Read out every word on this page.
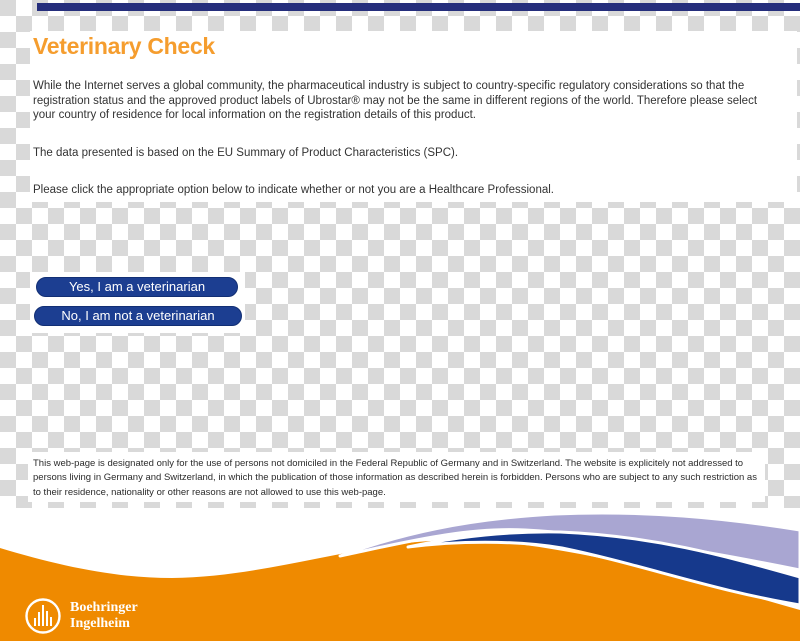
Veterinary Check

While the Internet serves a global community, the pharmaceutical industry is subject to country-specific regulatory considerations so that the registration status and the approved product labels of Ubrostar® may not be the same in different regions of the world. Therefore please select your country of residence for local information on the registration details of this product.

The data presented is based on the EU Summary of Product Characteristics (SPC).

Please click the appropriate option below to indicate whether or not you are a Healthcare Professional.

Yes, I am a veterinarian
No, I am not a veterinarian

This web-page is designated only for the use of persons not domiciled in the Federal Republic of Germany and in Switzerland. The website is explicitely not addressed to persons living in Germany and Switzerland, in which the publication of those information as described herein is forbidden. Persons who are subject to any such restriction as to their residence, nationality or other reasons are not allowed to use this web-page.

Boehringer
Ingelheim
